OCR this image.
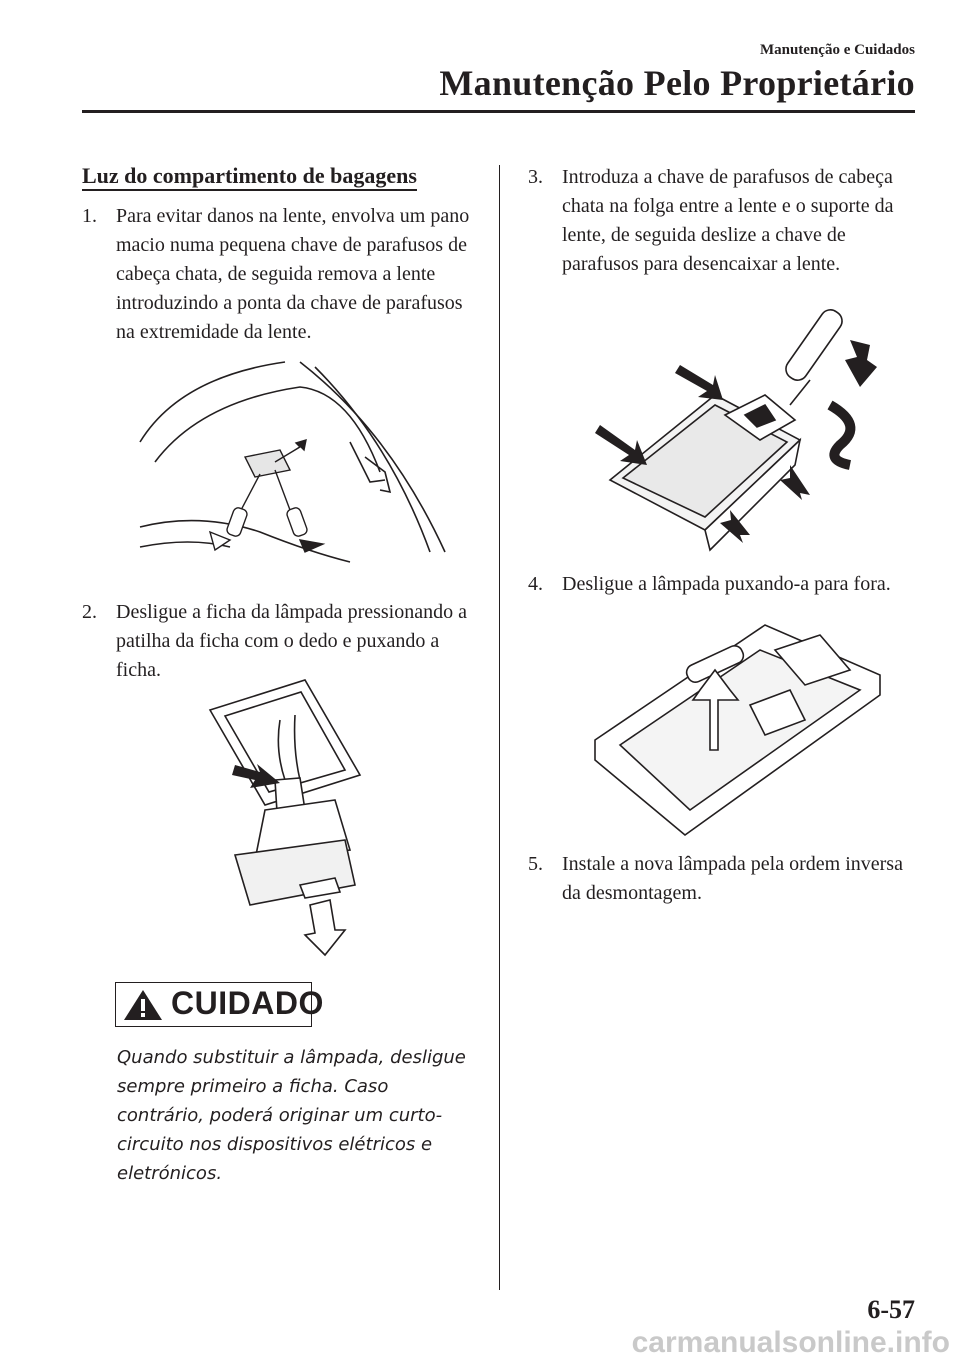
Manutenção e Cuidados
Manutenção Pelo Proprietário
Luz do compartimento de bagagens
1. Para evitar danos na lente, envolva um pano macio numa pequena chave de parafusos de cabeça chata, de seguida remova a lente introduzindo a ponta da chave de parafusos na extremidade da lente.
2. Desligue a ficha da lâmpada pressionando a patilha da ficha com o dedo e puxando a ficha.
CUIDADO
Quando substituir a lâmpada, desligue sempre primeiro a ficha. Caso contrário, poderá originar um curto-circuito nos dispositivos elétricos e eletrónicos.
3. Introduza a chave de parafusos de cabeça chata na folga entre a lente e o suporte da lente, de seguida deslize a chave de parafusos para desencaixar a lente.
4. Desligue a lâmpada puxando-a para fora.
5. Instale a nova lâmpada pela ordem inversa da desmontagem.
6-57
carmanualsonline.info
